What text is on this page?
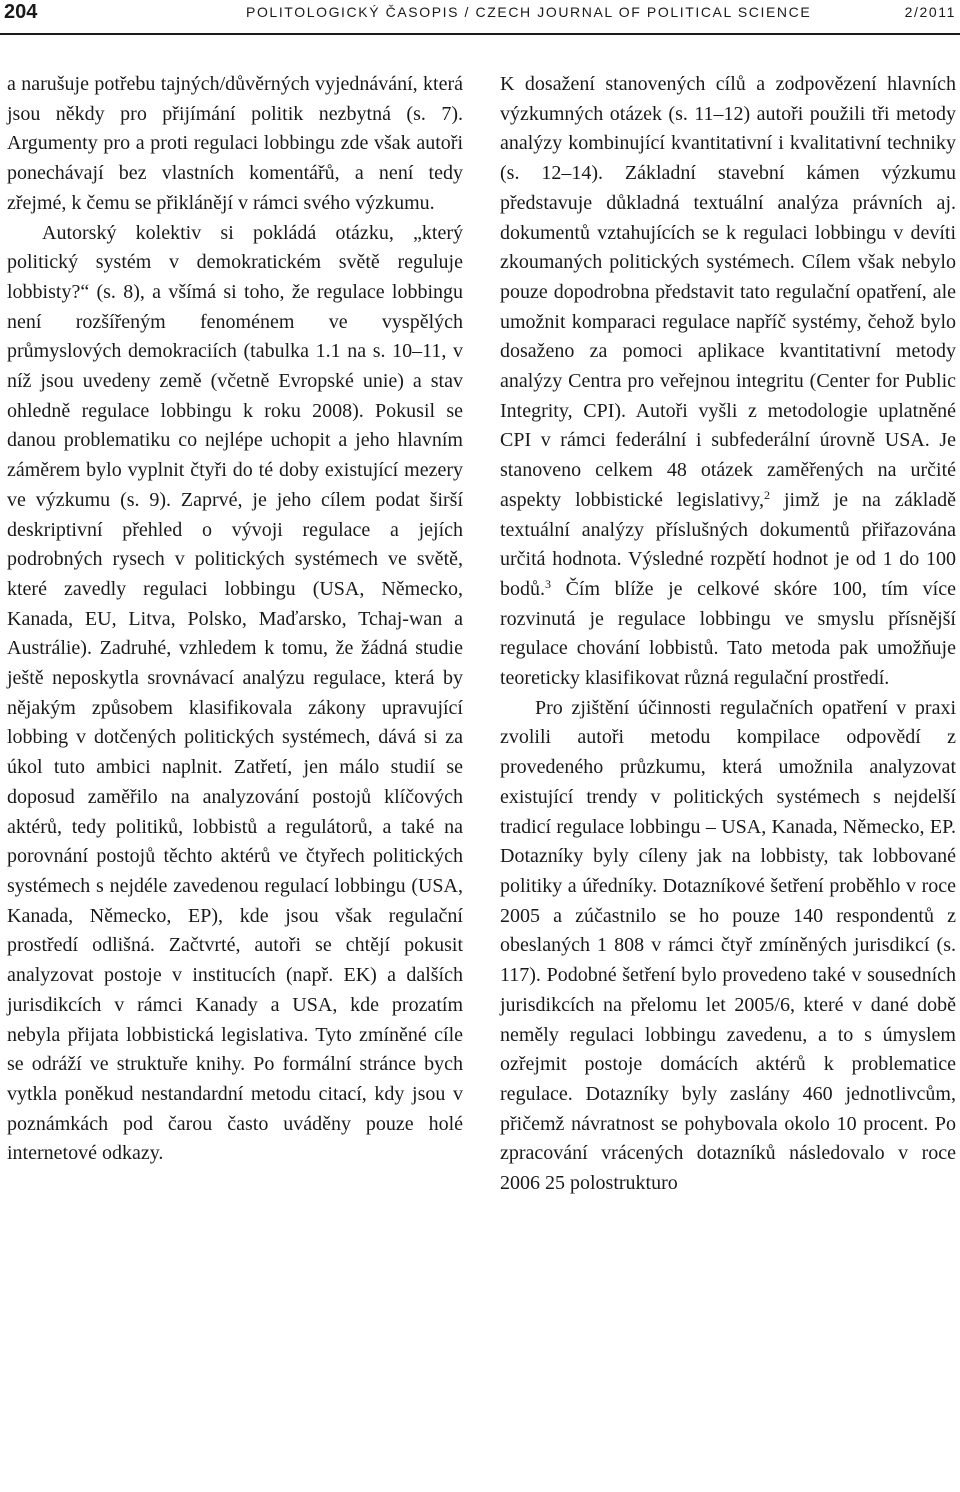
204	POLITOLOGICKÝ ČASOPIS / CZECH JOURNAL OF POLITICAL SCIENCE	2/2011

a narušuje potřebu tajných/důvěrných vyjednávání, která jsou někdy pro přijímání politik nezbytná (s. 7). Argumenty pro a proti regulaci lobbingu zde však autoři ponechávají bez vlastních komentářů, a není tedy zřejmé, k čemu se přiklánějí v rámci svého výzkumu.

Autorský kolektiv si pokládá otázku, „který politický systém v demokratickém světě reguluje lobbisty?“ (s. 8), a všímá si toho, že regulace lobbingu není rozšířeným fenoménem ve vyspělých průmyslových demokraciích (tabulka 1.1 na s. 10–11, v níž jsou uvedeny země (včetně Evropské unie) a stav ohledně regulace lobbingu k roku 2008). Pokusil se danou problematiku co nejlépe uchopit a jeho hlavním záměrem bylo vyplnit čtyři do té doby existující mezery ve výzkumu (s. 9). Zaprvé, je jeho cílem podat širší deskriptivní přehled o vývoji regulace a jejích podrobných rysech v politických systémech ve světě, které zavedly regulaci lobbingu (USA, Německo, Kanada, EU, Litva, Polsko, Maďarsko, Tchaj-wan a Austrálie). Zadruhé, vzhledem k tomu, že žádná studie ještě neposkytla srovnávací analýzu regulace, která by nějakým způsobem klasifikovala zákony upravující lobbing v dotčených politických systémech, dává si za úkol tuto ambici naplnit. Zatřetí, jen málo studií se doposud zaměřilo na analyzování postojů klíčových aktérů, tedy politiků, lobbistů a regulátorů, a také na porovnání postojů těchto aktérů ve čtyřech politických systémech s nejdéle zavedenou regulací lobbingu (USA, Kanada, Německo, EP), kde jsou však regulační prostředí odlišná. Začtvrté, autoři se chtějí pokusit analyzovat postoje v institucích (např. EK) a dalších jurisdikcích v rámci Kanady a USA, kde prozatím nebyla přijata lobbistická legislativa. Tyto zmíněné cíle se odráží ve struktuře knihy. Po formální stránce bych vytkla poněkud nestandardní metodu citací, kdy jsou v poznámkách pod čarou často uváděny pouze holé internetové odkazy.

K dosažení stanovených cílů a zodpovězení hlavních výzkumných otázek (s. 11–12) autoři použili tři metody analýzy kombinující kvantitativní i kvalitativní techniky (s. 12–14). Základní stavební kámen výzkumu představuje důkladná textuální analýza právních aj. dokumentů vztahujících se k regulaci lobbingu v devíti zkoumaných politických systémech. Cílem však nebylo pouze dopodrobna představit tato regulační opatření, ale umožnit komparaci regulace napříč systémy, čehož bylo dosaženo za pomoci aplikace kvantitativní metody analýzy Centra pro veřejnou integritu (Center for Public Integrity, CPI). Autoři vyšli z metodologie uplatněné CPI v rámci federální i subfederální úrovně USA. Je stanoveno celkem 48 otázek zaměřených na určité aspekty lobbistické legislativy,$^2$ jimž je na základě textuální analýzy příslušných dokumentů přiřazována určitá hodnota. Výsledné rozpětí hodnot je od 1 do 100 bodů.$^3$ Čím blíže je celkové skóre 100, tím více rozvinutá je regulace lobbingu ve smyslu přísnější regulace chování lobbistů. Tato metoda pak umožňuje teoreticky klasifikovat různá regulační prostředí.

Pro zjištění účinnosti regulačních opatření v praxi zvolili autoři metodu kompilace odpovědí z provedeného průzkumu, která umožnila analyzovat existující trendy v politických systémech s nejdelší tradicí regulace lobbingu – USA, Kanada, Německo, EP. Dotazníky byly cíleny jak na lobbisty, tak lobbované politiky a úředníky. Dotazníkové šetření proběhlo v roce 2005 a zúčastnilo se ho pouze 140 respondentů z obeslaných 1 808 v rámci čtyř zmíněných jurisdikcí (s. 117). Podobné šetření bylo provedeno také v sousedních jurisdikcích na přelomu let 2005/6, které v dané době neměly regulaci lobbingu zavedenu, a to s úmyslem ozřejmit postoje domácích aktérů k problematice regulace. Dotazníky byly zaslány 460 jednotlivcům, přičemž návratnost se pohybovala okolo 10 procent. Po zpracování vrácených dotazníků následovalo v roce 2006 25 polostrukturo
